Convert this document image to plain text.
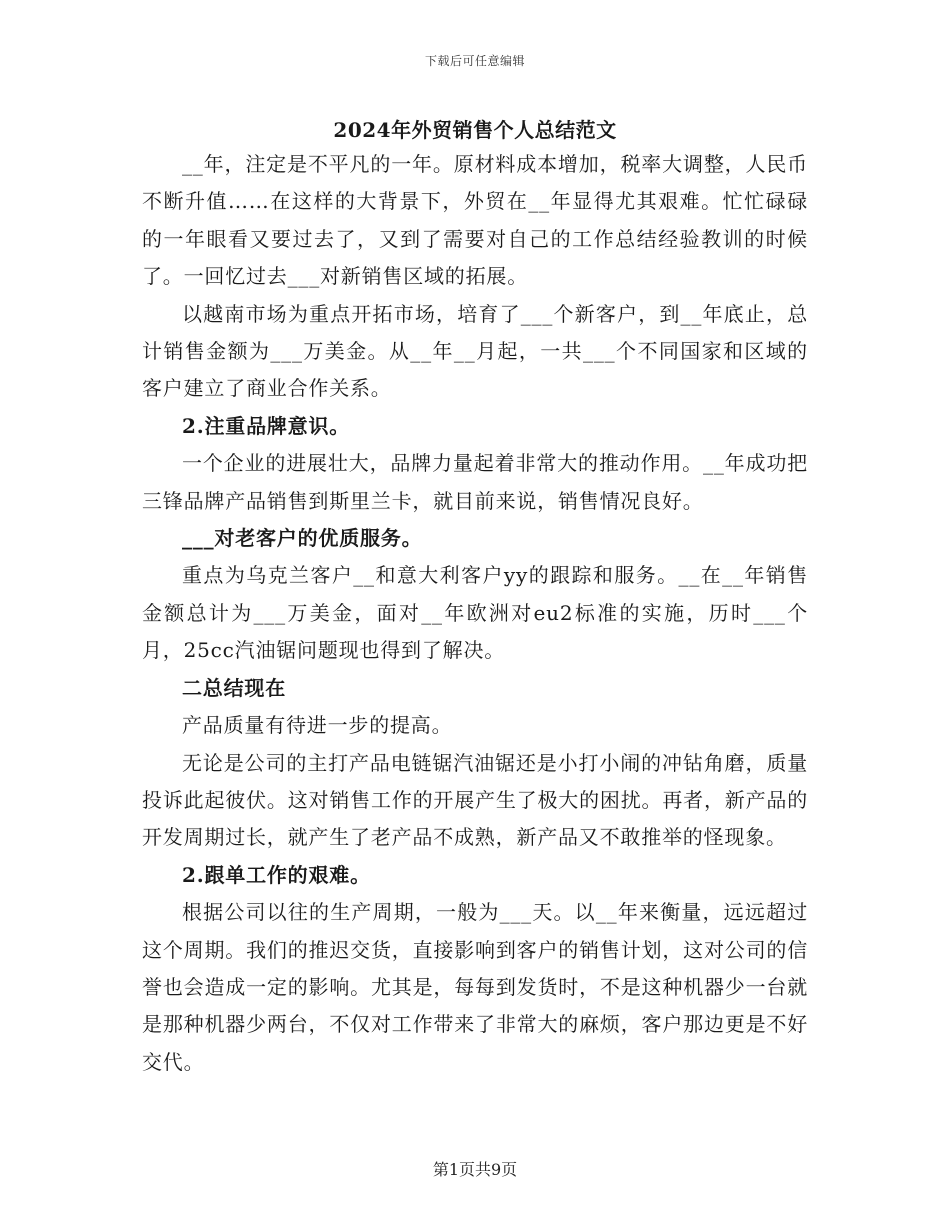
下载后可任意编辑
2024年外贸销售个人总结范文

__年，注定是不平凡的一年。原材料成本增加，税率大调整，人民币不断升值……在这样的大背景下，外贸在__年显得尤其艰难。忙忙碌碌的一年眼看又要过去了，又到了需要对自己的工作总结经验教训的时候了。一回忆过去___对新销售区域的拓展。

以越南市场为重点开拓市场，培育了___个新客户，到__年底止，总计销售金额为___万美金。从__年__月起，一共___个不同国家和区域的客户建立了商业合作关系。

2.注重品牌意识。

一个企业的进展壮大，品牌力量起着非常大的推动作用。__年成功把三锋品牌产品销售到斯里兰卡，就目前来说，销售情况良好。

___对老客户的优质服务。

重点为乌克兰客户__和意大利客户yy的跟踪和服务。__在__年销售金额总计为___万美金，面对__年欧洲对eu2标准的实施，历时___个月，25cc汽油锯问题现也得到了解决。

二总结现在

产品质量有待进一步的提高。

无论是公司的主打产品电链锯汽油锯还是小打小闹的冲钻角磨，质量投诉此起彼伏。这对销售工作的开展产生了极大的困扰。再者，新产品的开发周期过长，就产生了老产品不成熟，新产品又不敢推举的怪现象。

2.跟单工作的艰难。

根据公司以往的生产周期，一般为___天。以__年来衡量，远远超过这个周期。我们的推迟交货，直接影响到客户的销售计划，这对公司的信誉也会造成一定的影响。尤其是，每每到发货时，不是这种机器少一台就是那种机器少两台，不仅对工作带来了非常大的麻烦，客户那边更是不好交代。

第1页共9页
